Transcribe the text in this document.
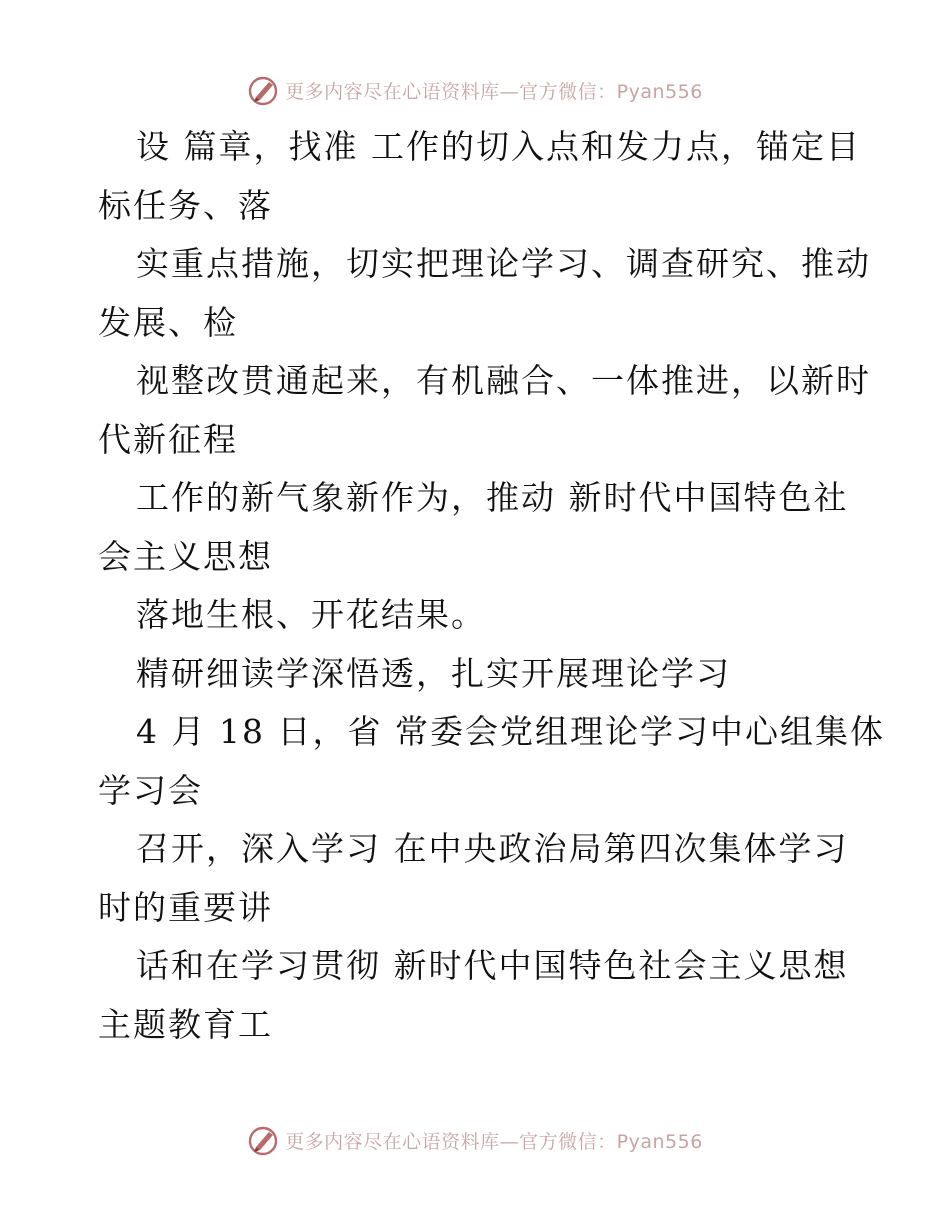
更多内容尽在心语资料库—官方微信：Pyan556

设 篇章，找准 工作的切入点和发力点，锚定目
标任务、落

实重点措施，切实把理论学习、调查研究、推动
发展、检

视整改贯通起来，有机融合、一体推进，以新时
代新征程

工作的新气象新作为，推动 新时代中国特色社
会主义思想

落地生根、开花结果。

精研细读学深悟透，扎实开展理论学习

4 月 18 日，省 常委会党组理论学习中心组集体
学习会

召开，深入学习 在中央政治局第四次集体学习
时的重要讲

话和在学习贯彻 新时代中国特色社会主义思想
主题教育工

更多内容尽在心语资料库—官方微信：Pyan556
